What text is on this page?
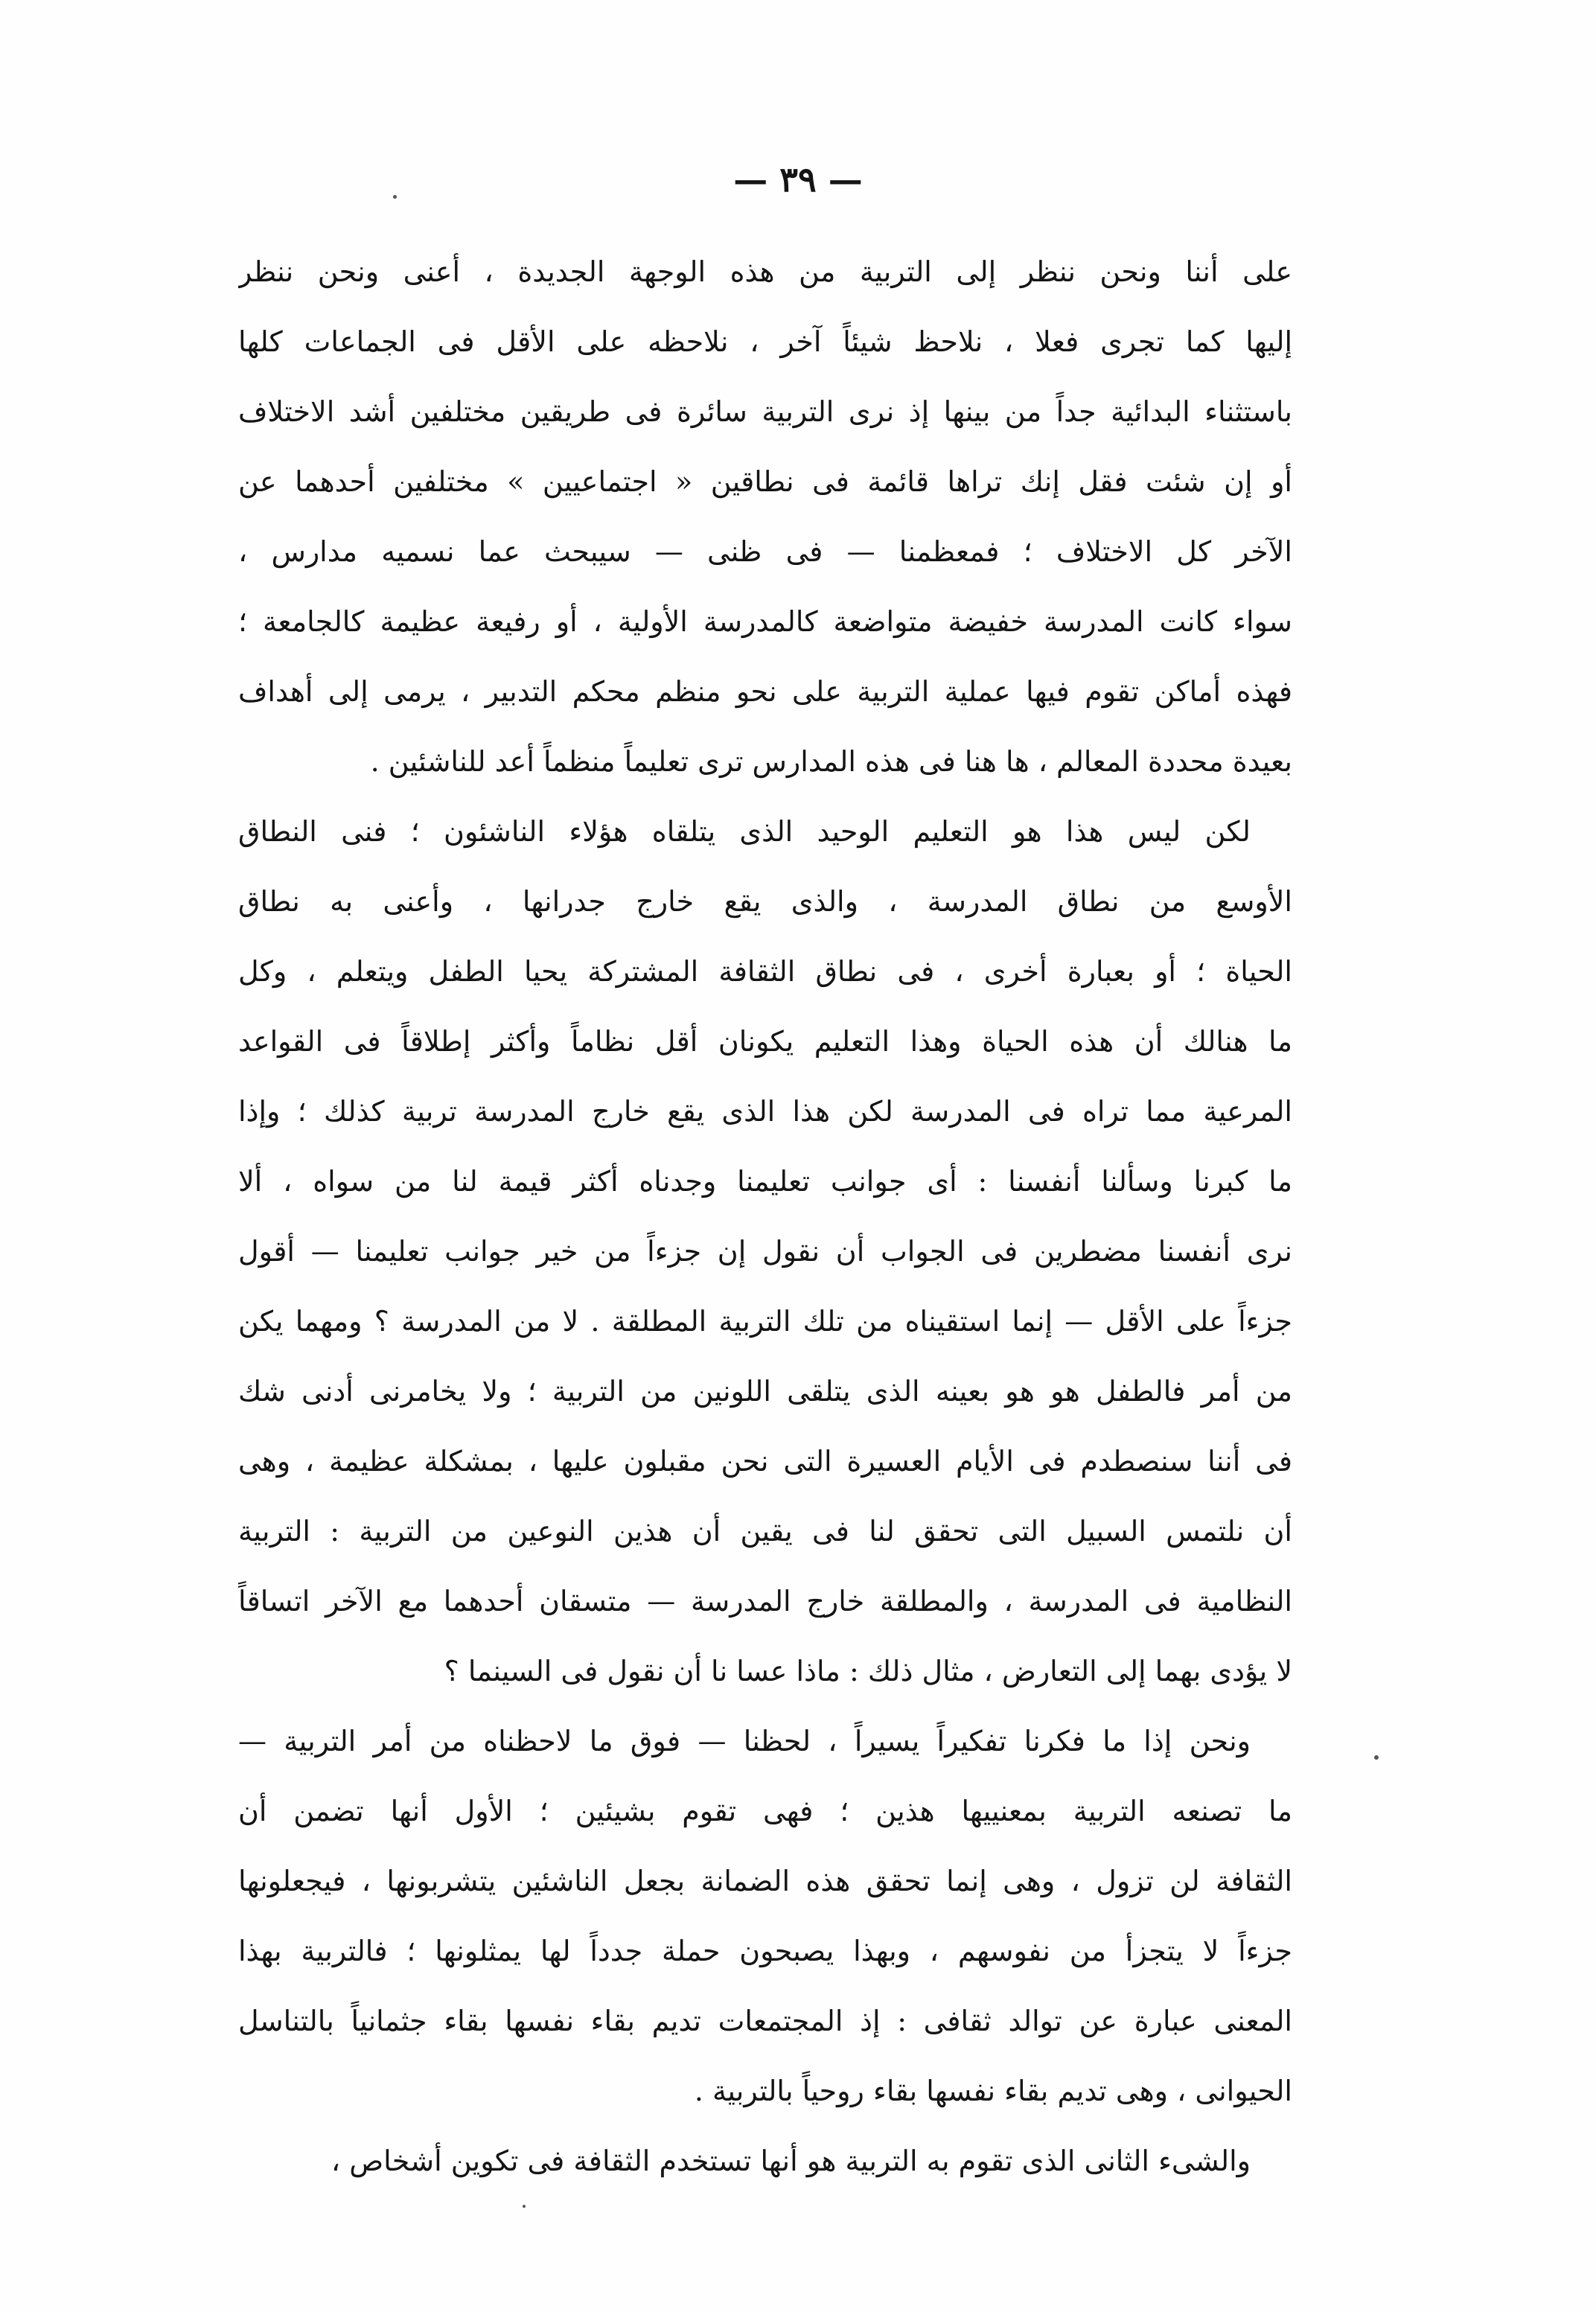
— ٣٩ —
على أننا ونحن ننظر إلى التربية من هذه الوجهة الجديدة ، أعنى ونحن ننظر
إليها كما تجرى فعلا ، نلاحظ شيئاً آخر ، نلاحظه على الأقل فى الجماعات كلها
باستثناء البدائية جداً من بينها إذ نرى التربية سائرة فى طريقين مختلفين أشد الاختلاف
أو إن شئت فقل إنك تراها قائمة فى نطاقين « اجتماعيين » مختلفين أحدهما عن
الآخر كل الاختلاف ؛ فمعظمنا — فى ظنى — سيبحث عما نسميه مدارس ،
سواء كانت المدرسة خفيضة متواضعة كالمدرسة الأولية ، أو رفيعة عظيمة كالجامعة ؛
فهذه أماكن تقوم فيها عملية التربية على نحو منظم محكم التدبير ، يرمى إلى أهداف
بعيدة محددة المعالم ، ها هنا فى هذه المدارس ترى تعليماً منظماً أعد للناشئين .
لكن ليس هذا هو التعليم الوحيد الذى يتلقاه هؤلاء الناشئون ؛ فنى النطاق
الأوسع من نطاق المدرسة ، والذى يقع خارج جدرانها ، وأعنى به نطاق
الحياة ؛ أو بعبارة أخرى ، فى نطاق الثقافة المشتركة يحيا الطفل ويتعلم ، وكل
ما هنالك أن هذه الحياة وهذا التعليم يكونان أقل نظاماً وأكثر إطلاقاً فى القواعد
المرعية مما تراه فى المدرسة لكن هذا الذى يقع خارج المدرسة تربية كذلك ؛ وإذا
ما كبرنا وسألنا أنفسنا : أى جوانب تعليمنا وجدناه أكثر قيمة لنا من سواه ، ألا
نرى أنفسنا مضطرين فى الجواب أن نقول إن جزءاً من خير جوانب تعليمنا — أقول
جزءاً على الأقل — إنما استقيناه من تلك التربية المطلقة . لا من المدرسة ؟ ومهما يكن
من أمر فالطفل هو هو بعينه الذى يتلقى اللونين من التربية ؛ ولا يخامرنى أدنى شك
فى أننا سنصطدم فى الأيام العسيرة التى نحن مقبلون عليها ، بمشكلة عظيمة ، وهى
أن نلتمس السبيل التى تحقق لنا فى يقين أن هذين النوعين من التربية : التربية
النظامية فى المدرسة ، والمطلقة خارج المدرسة — متسقان أحدهما مع الآخر اتساقاً
لا يؤدى بهما إلى التعارض ، مثال ذلك : ماذا عسا نا أن نقول فى السينما ؟
ونحن إذا ما فكرنا تفكيراً يسيراً ، لحظنا — فوق ما لاحظناه من أمر التربية —
ما تصنعه التربية بمعنييها هذين ؛ فهى تقوم بشيئين ؛ الأول أنها تضمن أن
الثقافة لن تزول ، وهى إنما تحقق هذه الضمانة بجعل الناشئين يتشربونها ، فيجعلونها
جزءاً لا يتجزأ من نفوسهم ، وبهذا يصبحون حملة جدداً لها يمثلونها ؛ فالتربية بهذا
المعنى عبارة عن توالد ثقافى : إذ المجتمعات تديم بقاء نفسها بقاء جثمانياً بالتناسل
الحيوانى ، وهى تديم بقاء نفسها بقاء روحياً بالتربية .
والشىء الثانى الذى تقوم به التربية هو أنها تستخدم الثقافة فى تكوين أشخاص ،
